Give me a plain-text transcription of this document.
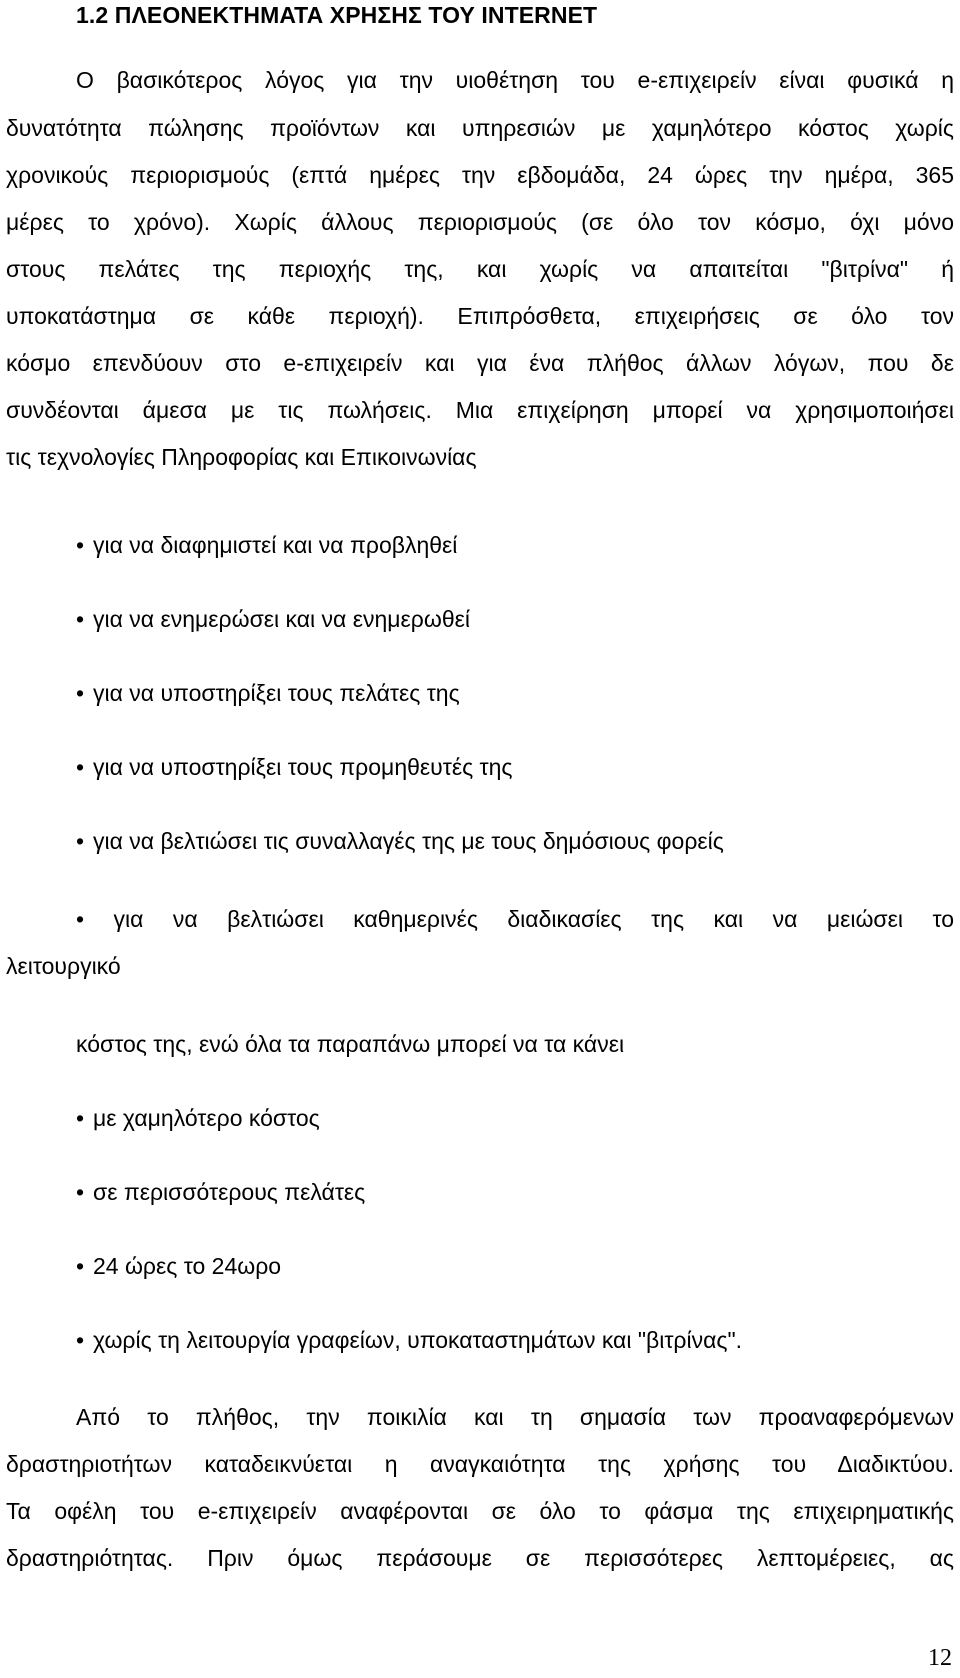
1.2 ΠΛΕΟΝΕΚΤΗΜΑΤΑ ΧΡΗΣΗΣ ΤΟΥ INTERNET
Ο βασικότερος λόγος για την υιοθέτηση του e-επιχειρείν είναι φυσικά η
δυνατότητα πώλησης προϊόντων και υπηρεσιών με χαμηλότερο κόστος χωρίς
χρονικούς περιορισμούς (επτά ημέρες την εβδομάδα, 24 ώρες την ημέρα, 365
μέρες το χρόνο). Χωρίς άλλους περιορισμούς (σε όλο τον κόσμο, όχι μόνο
στους πελάτες της περιοχής της, και χωρίς να απαιτείται "βιτρίνα" ή
υποκατάστημα σε κάθε περιοχή). Επιπρόσθετα, επιχειρήσεις σε όλο τον
κόσμο επενδύουν στο e-επιχειρείν και για ένα πλήθος άλλων λόγων, που δε
συνδέονται άμεσα με τις πωλήσεις. Μια επιχείρηση μπορεί να χρησιμοποιήσει
τις τεχνολογίες Πληροφορίας και Επικοινωνίας
• για να διαφημιστεί και να προβληθεί
• για να ενημερώσει και να ενημερωθεί
• για να υποστηρίξει τους πελάτες της
• για να υποστηρίξει τους προμηθευτές της
• για να βελτιώσει τις συναλλαγές της με τους δημόσιους φορείς
• για να βελτιώσει καθημερινές διαδικασίες της και να μειώσει το
λειτουργικό
κόστος της, ενώ όλα τα παραπάνω μπορεί να τα κάνει
• με χαμηλότερο κόστος
• σε περισσότερους πελάτες
• 24 ώρες το 24ωρο
• χωρίς τη λειτουργία γραφείων, υποκαταστημάτων και "βιτρίνας".
Από το πλήθος, την ποικιλία και τη σημασία των προαναφερόμενων
δραστηριοτήτων καταδεικνύεται η αναγκαιότητα της χρήσης του Διαδικτύου.
Τα οφέλη του e-επιχειρείν αναφέρονται σε όλο το φάσμα της επιχειρηματικής
δραστηριότητας. Πριν όμως περάσουμε σε περισσότερες λεπτομέρειες, ας
12
